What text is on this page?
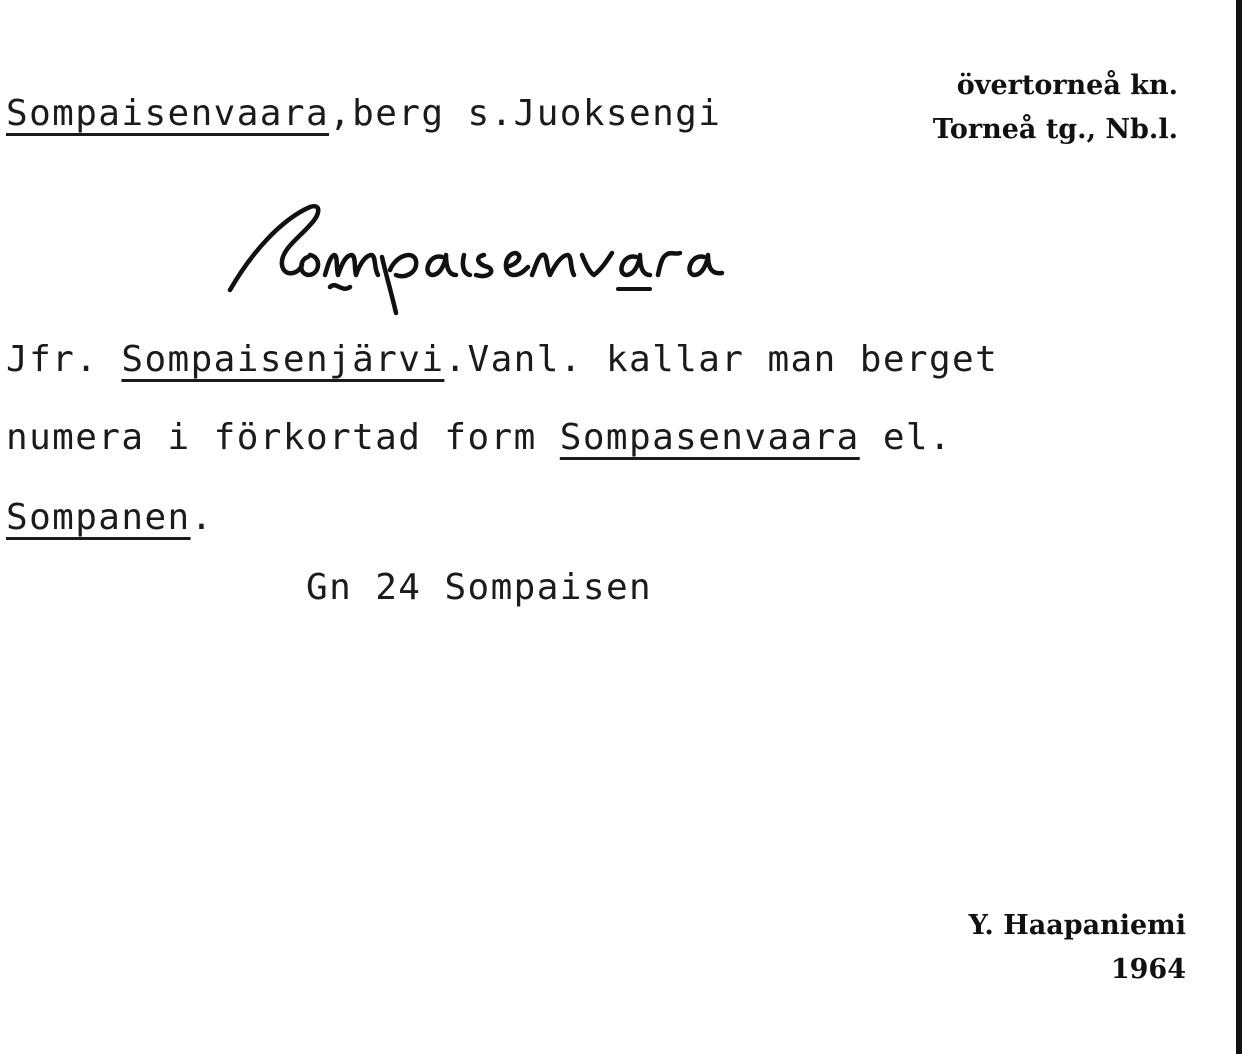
Sompaisenvaara,berg s.Juoksengi
övertorneå kn.
Torneå tg., Nb.l.
Jfr. Sompaisenjärvi.Vanl. kallar man berget
numera i förkortad form Sompasenvaara el.
Sompanen.
Gn 24 Sompaisen
Y. Haapaniemi
1964
